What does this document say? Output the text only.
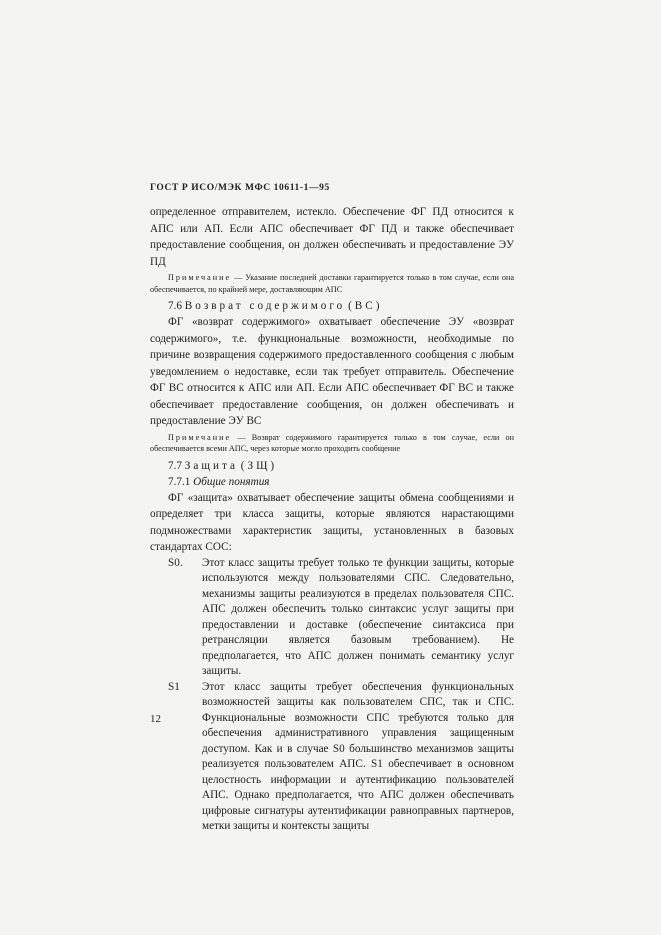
ГОСТ Р ИСО/МЭК МФС 10611-1—95

определенное отправителем, истекло. Обеспечение ФГ ПД относится к АПС или АП. Если АПС обеспечивает ФГ ПД и также обеспечивает предоставление сообщения, он должен обеспечивать и предоставление ЭУ ПД

Примечание — Указание последней доставки гарантируется только в том случае, если она обеспечивается, по крайней мере, доставляющим АПС

7.6 Возврат содержимого (ВС)

ФГ «возврат содержимого» охватывает обеспечение ЭУ «возврат содержимого», т.е. функциональные возможности, необходимые по причине возвращения содержимого предоставленного сообщения с любым уведомлением о недоставке, если так требует отправитель. Обеспечение ФГ ВС относится к АПС или АП. Если АПС обеспечивает ФГ ВС и также обеспечивает предоставление сообщения, он должен обеспечивать и предоставление ЭУ ВС

Примечание — Возврат содержимого гарантируется только в том случае, если он обеспечивается всеми АПС, через которые могло проходить сообщение

7.7 Защита (ЗЩ)
7.7.1 Общие понятия

ФГ «защита» охватывает обеспечение защиты обмена сообщениями и определяет три класса защиты, которые являются нарастающими подмножествами характеристик защиты, установленных в базовых стандартах СОС:

S0.	Этот класс защиты требует только те функции защиты, которые используются между пользователями СПС. Следовательно, механизмы защиты реализуются в пределах пользователя СПС. АПС должен обеспечить только синтаксис услуг защиты при предоставлении и доставке (обеспечение синтаксиса при ретрансляции является базовым требованием). Не предполагается, что АПС должен понимать семантику услуг защиты.
S1	Этот класс защиты требует обеспечения функциональных возможностей защиты как пользователем СПС, так и СПС. Функциональные возможности СПС требуются только для обеспечения административного управления защищенным доступом. Как и в случае S0 большинство механизмов защиты реализуется пользователем АПС. S1 обеспечивает в основном целостность информации и аутентификацию пользователей АПС. Однако предполагается, что АПС должен обеспечивать цифровые сигнатуры аутентификации равноправных партнеров, метки защиты и контексты защиты
12
